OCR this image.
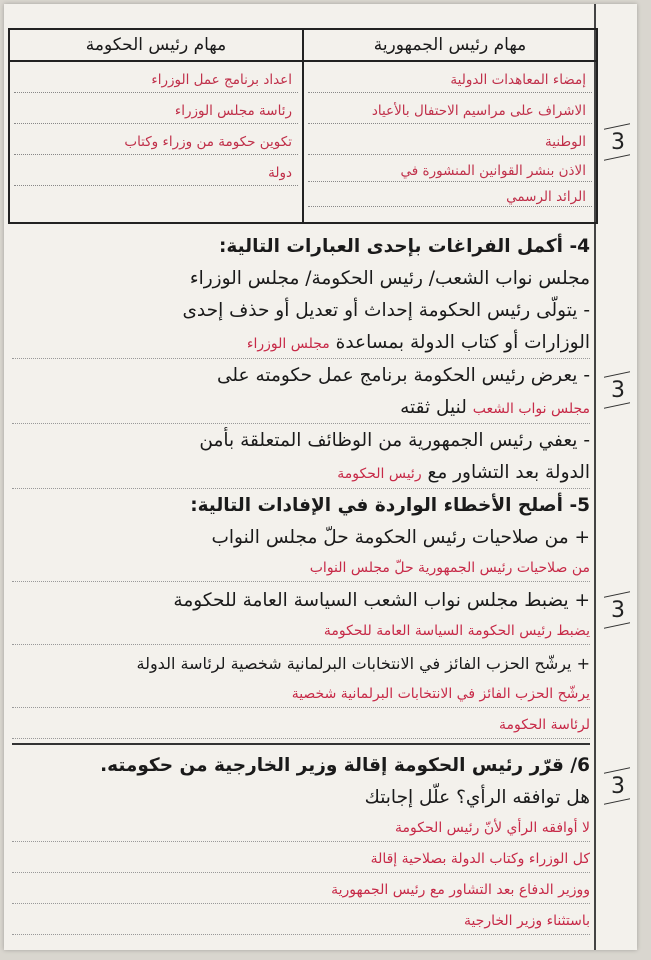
3
3
3
3
مهام رئيس الجمهورية
مهام رئيس الحكومة
إمضاء المعاهدات الدولية
الاشراف على مراسيم الاحتفال بالأعياد
الوطنية
الاذن بنشر القوانين المنشورة في
الرائد الرسمي
اعداد برنامج عمل الوزراء
رئاسة مجلس الوزراء
تكوين حكومة من وزراء وكتاب
دولة
4- أكمل الفراغات بإحدى العبارات التالية:
مجلس نواب الشعب/ رئيس الحكومة/ مجلس الوزراء
- يتولّى رئيس الحكومة إحداث أو تعديل أو حذف إحدى
الوزارات أو كتاب الدولة بمساعدة مجلس الوزراء
- يعرض رئيس الحكومة برنامج عمل حكومته على
مجلس نواب الشعب لنيل ثقته
- يعفي رئيس الجمهورية من الوظائف المتعلقة بأمن
الدولة بعد التشاور مع رئيس الحكومة
5- أصلح الأخطاء الواردة في الإفادات التالية:
+ من صلاحيات رئيس الحكومة حلّ مجلس النواب
من صلاحيات رئيس الجمهورية حلّ مجلس النواب
+ يضبط مجلس نواب الشعب السياسة العامة للحكومة
يضبط رئيس الحكومة السياسة العامة للحكومة
+ يرشّح الحزب الفائز في الانتخابات البرلمانية شخصية لرئاسة الدولة
يرشّح الحزب الفائز في الانتخابات البرلمانية شخصية
لرئاسة الحكومة
6/ قرّر رئيس الحكومة إقالة وزير الخارجية من حكومته.
هل توافقه الرأي؟ علّل إجابتك
لا أوافقه الرأي لأنّ رئيس الحكومة
كل الوزراء وكتاب الدولة بصلاحية إقالة
ووزير الدفاع بعد التشاور مع رئيس الجمهورية
باستثناء وزير الخارجية
